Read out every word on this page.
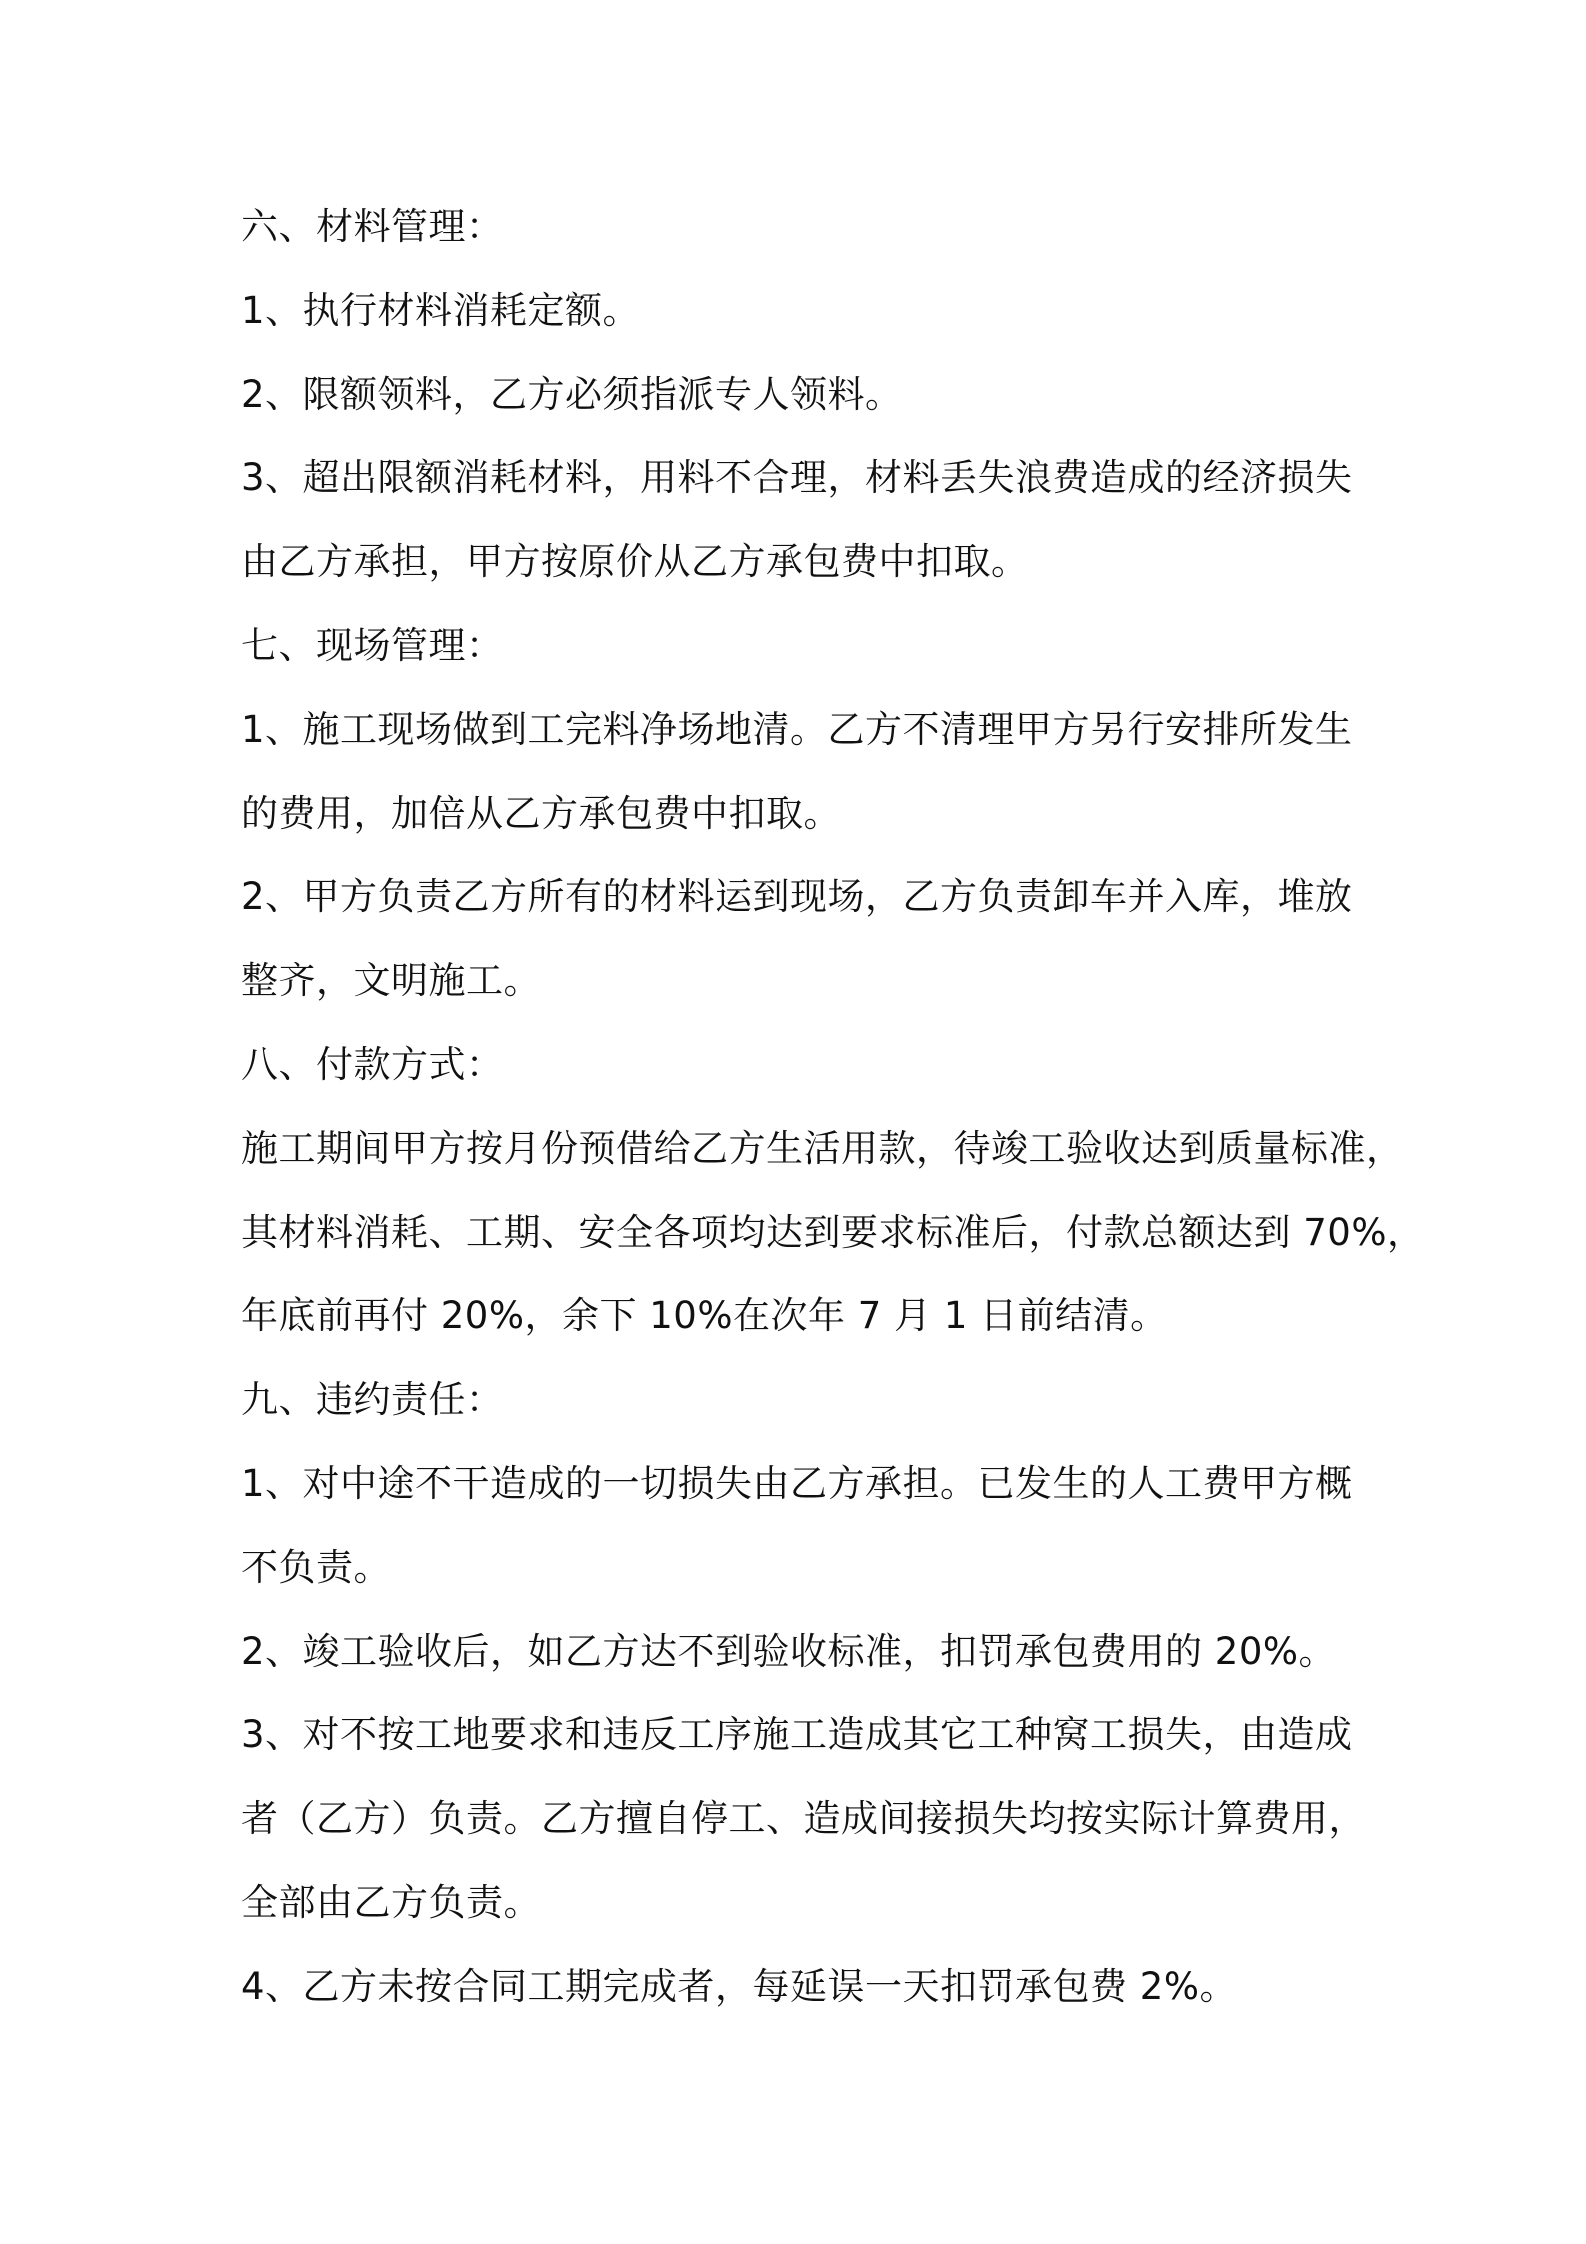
六、材料管理：
1、执行材料消耗定额。
2、限额领料，乙方必须指派专人领料。
3、超出限额消耗材料，用料不合理，材料丢失浪费造成的经济损失
由乙方承担，甲方按原价从乙方承包费中扣取。
七、现场管理：
1、施工现场做到工完料净场地清。乙方不清理甲方另行安排所发生
的费用，加倍从乙方承包费中扣取。
2、甲方负责乙方所有的材料运到现场，乙方负责卸车并入库，堆放
整齐，文明施工。
八、付款方式：
施工期间甲方按月份预借给乙方生活用款，待竣工验收达到质量标准，
其材料消耗、工期、安全各项均达到要求标准后，付款总额达到 70%，
年底前再付 20%，余下 10%在次年 7 月 1 日前结清。
九、违约责任：
1、对中途不干造成的一切损失由乙方承担。已发生的人工费甲方概
不负责。
2、竣工验收后，如乙方达不到验收标准，扣罚承包费用的 20%。
3、对不按工地要求和违反工序施工造成其它工种窝工损失，由造成
者（乙方）负责。乙方擅自停工、造成间接损失均按实际计算费用，
全部由乙方负责。
4、乙方未按合同工期完成者，每延误一天扣罚承包费 2%。
